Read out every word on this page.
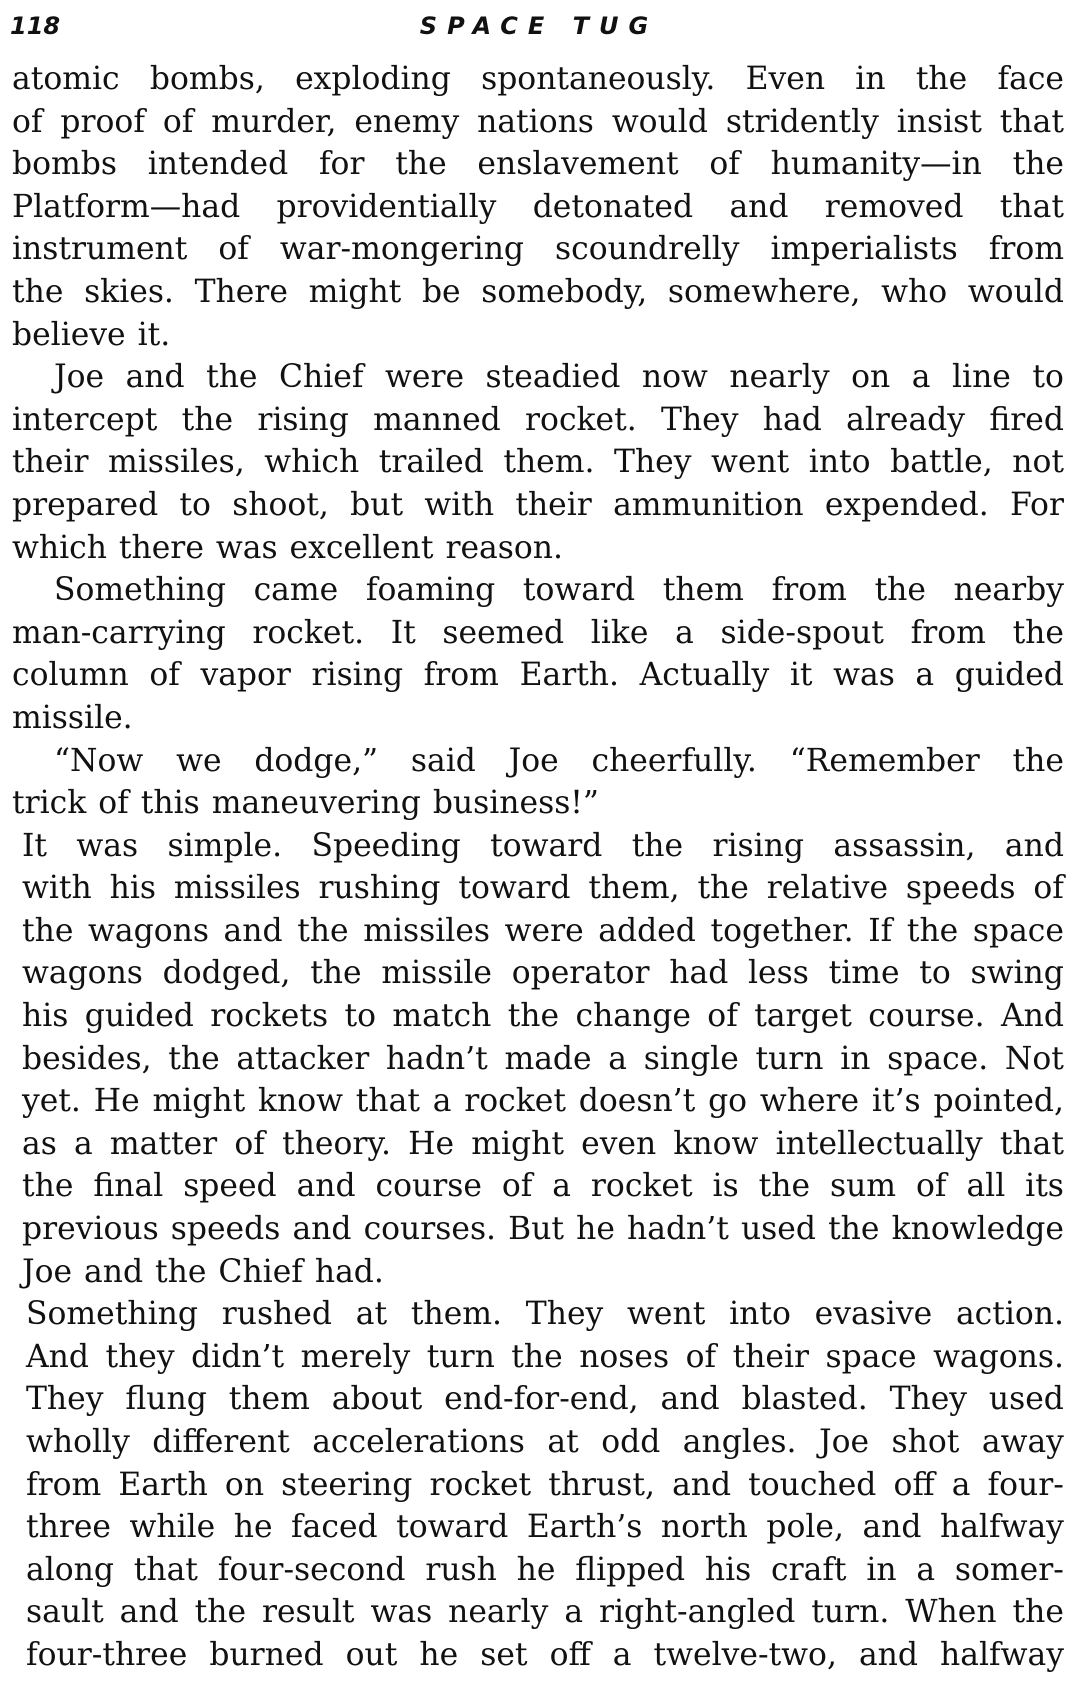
118	SPACE TUG
atomic bombs, exploding spontaneously. Even in the face
of proof of murder, enemy nations would stridently insist that
bombs intended for the enslavement of humanity—in the
Platform—had providentially detonated and removed that
instrument of war-mongering scoundrelly imperialists from
the skies. There might be somebody, somewhere, who would
believe it.
Joe and the Chief were steadied now nearly on a line to
intercept the rising manned rocket. They had already fired
their missiles, which trailed them. They went into battle, not
prepared to shoot, but with their ammunition expended. For
which there was excellent reason.
Something came foaming toward them from the nearby
man-carrying rocket. It seemed like a side-spout from the
column of vapor rising from Earth. Actually it was a guided
missile.
“Now we dodge,” said Joe cheerfully. “Remember the
trick of this maneuvering business!”
It was simple. Speeding toward the rising assassin, and
with his missiles rushing toward them, the relative speeds of
the wagons and the missiles were added together. If the space
wagons dodged, the missile operator had less time to swing
his guided rockets to match the change of target course. And
besides, the attacker hadn’t made a single turn in space. Not
yet. He might know that a rocket doesn’t go where it’s pointed,
as a matter of theory. He might even know intellectually that
the final speed and course of a rocket is the sum of all its
previous speeds and courses. But he hadn’t used the knowledge
Joe and the Chief had.
Something rushed at them. They went into evasive action.
And they didn’t merely turn the noses of their space wagons.
They flung them about end-for-end, and blasted. They used
wholly different accelerations at odd angles. Joe shot away
from Earth on steering rocket thrust, and touched off a four-
three while he faced toward Earth’s north pole, and halfway
along that four-second rush he flipped his craft in a somer-
sault and the result was nearly a right-angled turn. When the
four-three burned out he set off a twelve-two, and halfway
